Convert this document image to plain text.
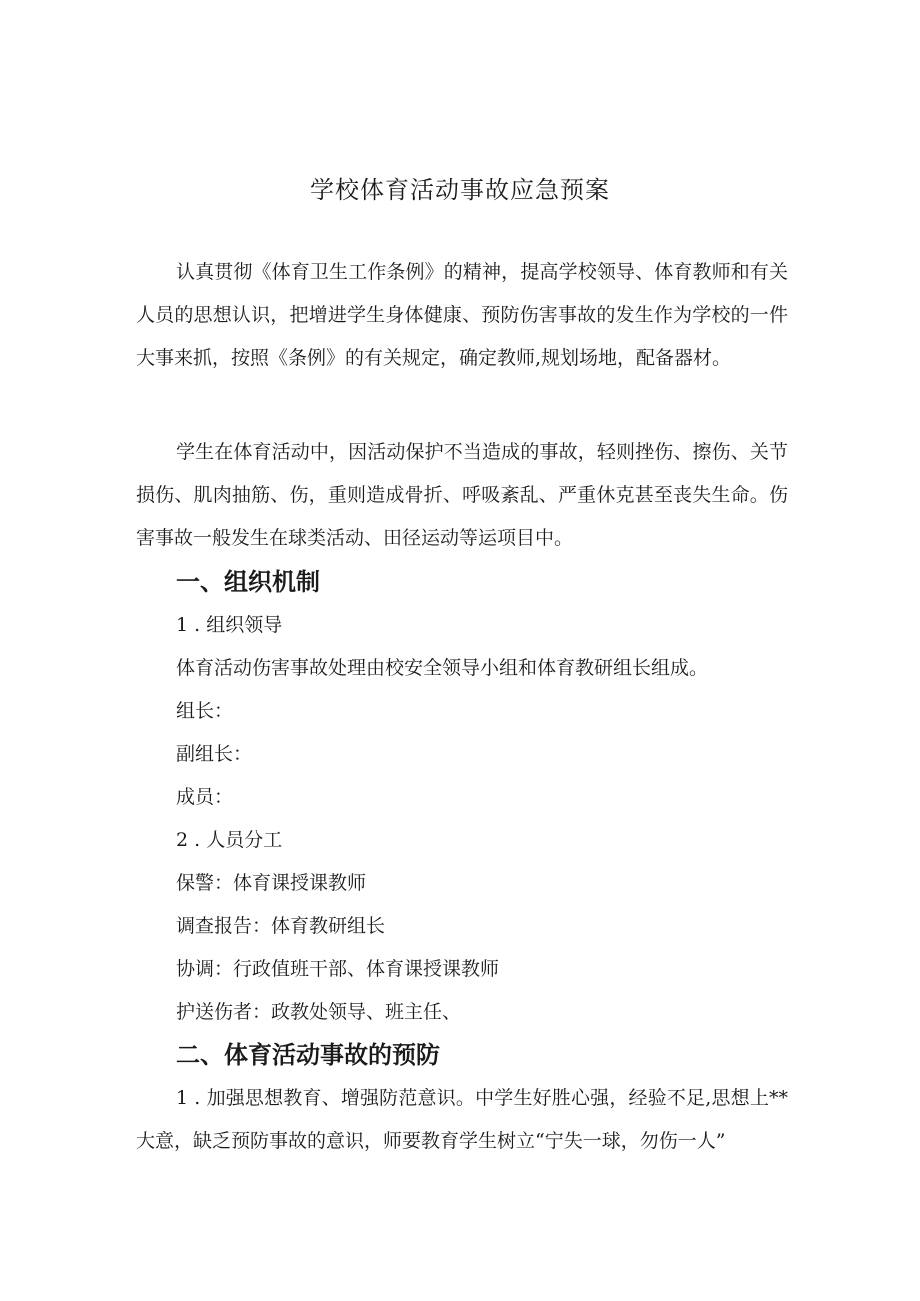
学校体育活动事故应急预案

认真贯彻《体育卫生工作条例》的精神，提高学校领导、体育教师和有关人员的思想认识，把增进学生身体健康、预防伤害事故的发生作为学校的一件大事来抓，按照《条例》的有关规定，确定教师,规划场地，配备器材。

学生在体育活动中，因活动保护不当造成的事故，轻则挫伤、擦伤、关节损伤、肌肉抽筋、伤，重则造成骨折、呼吸紊乱、严重休克甚至丧失生命。伤害事故一般发生在球类活动、田径运动等运项目中。

一、组织机制

1 . 组织领导

体育活动伤害事故处理由校安全领导小组和体育教研组长组成。

组长：

副组长：

成员：

2 . 人员分工

保警：体育课授课教师

调查报告：体育教研组长

协调：行政值班干部、体育课授课教师

护送伤者：政教处领导、班主任、

二、体育活动事故的预防

1 . 加强思想教育、增强防范意识。中学生好胜心强，经验不足,思想上**大意，缺乏预防事故的意识，师要教育学生树立“宁失一球，勿伤一人”
